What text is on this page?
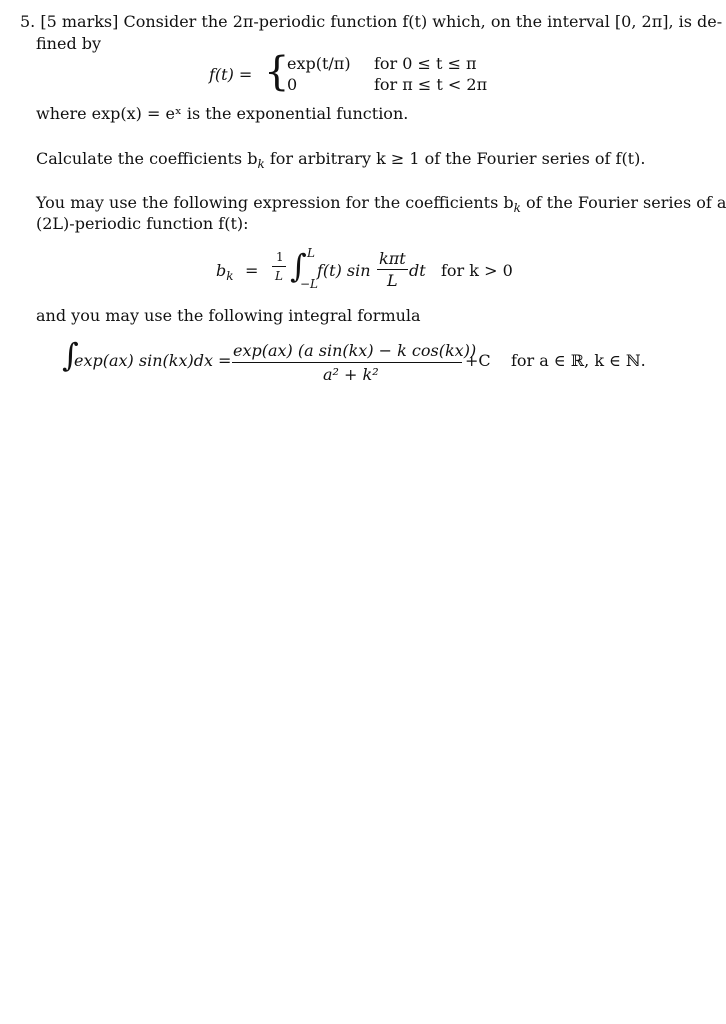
5. [5 marks] Consider the 2π-periodic function f(t) which, on the interval [0, 2π], is de-
fined by
f(t) = {
exp(t/π) for 0 ≤ t ≤ π
0	for π ≤ t < 2π
where exp(x) = eˣ is the exponential function.
Calculate the coefficients $b_k$ for arbitrary k ≥ 1 of the Fourier series of f(t).
You may use the following expression for the coefficients $b_k$ of the Fourier series of a
(2L)-periodic function f(t):
$b_k$ =
1
L ∫ L
−L
f(t) sin
kπt
L
dt for k > 0
and you may use the following integral formula
∫
exp(ax) sin(kx)dx =
exp(ax) (a sin(kx) − k cos(kx))
a² + k²
+C for a ∈ ℝ, k ∈ ℕ.
